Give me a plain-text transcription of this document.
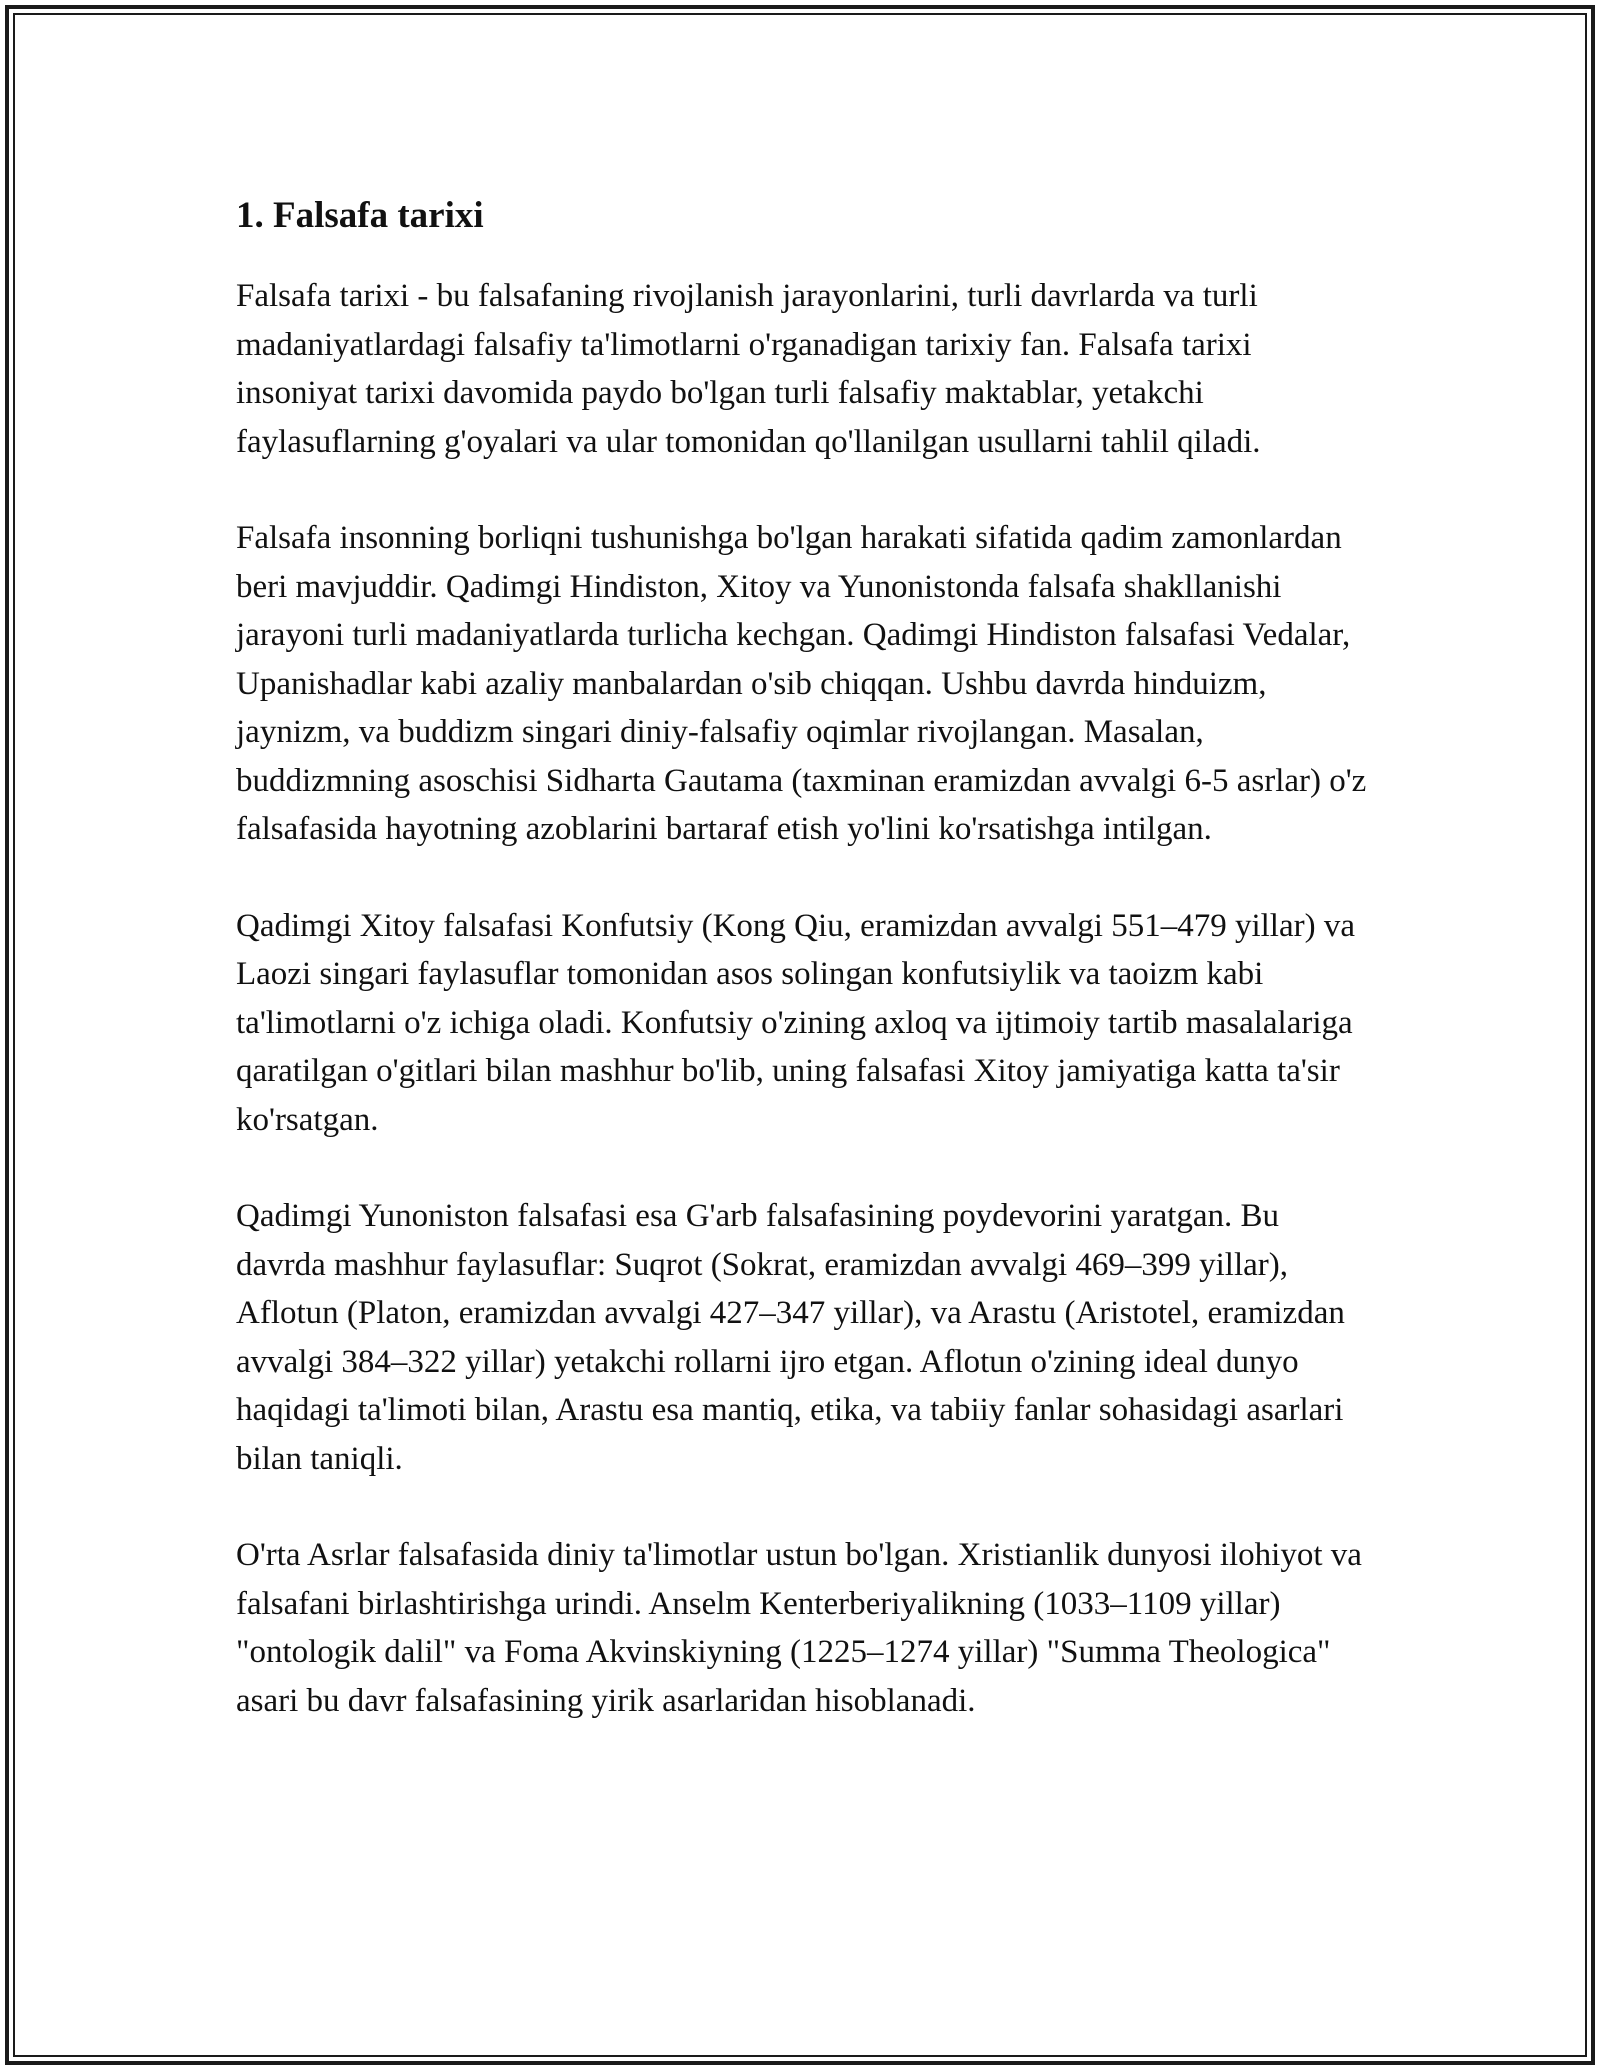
1. Falsafa tarixi

Falsafa tarixi - bu falsafaning rivojlanish jarayonlarini, turli davrlarda va turli madaniyatlardagi falsafiy ta'limotlarni o'rganadigan tarixiy fan. Falsafa tarixi insoniyat tarixi davomida paydo bo'lgan turli falsafiy maktablar, yetakchi faylasuflarning g'oyalari va ular tomonidan qo'llanilgan usullarni tahlil qiladi.

Falsafa insonning borliqni tushunishga bo'lgan harakati sifatida qadim zamonlardan beri mavjuddir. Qadimgi Hindiston, Xitoy va Yunonistonda falsafa shakllanishi jarayoni turli madaniyatlarda turlicha kechgan. Qadimgi Hindiston falsafasi Vedalar, Upanishadlar kabi azaliy manbalardan o'sib chiqqan. Ushbu davrda hinduizm, jaynizm, va buddizm singari diniy-falsafiy oqimlar rivojlangan. Masalan, buddizmning asoschisi Sidharta Gautama (taxminan eramizdan avvalgi 6-5 asrlar) o'z falsafasida hayotning azoblarini bartaraf etish yo'lini ko'rsatishga intilgan.

Qadimgi Xitoy falsafasi Konfutsiy (Kong Qiu, eramizdan avvalgi 551–479 yillar) va Laozi singari faylasuflar tomonidan asos solingan konfutsiylik va taoizm kabi ta'limotlarni o'z ichiga oladi. Konfutsiy o'zining axloq va ijtimoiy tartib masalalariga qaratilgan o'gitlari bilan mashhur bo'lib, uning falsafasi Xitoy jamiyatiga katta ta'sir ko'rsatgan.

Qadimgi Yunoniston falsafasi esa G'arb falsafasining poydevorini yaratgan. Bu davrda mashhur faylasuflar: Suqrot (Sokrat, eramizdan avvalgi 469–399 yillar), Aflotun (Platon, eramizdan avvalgi 427–347 yillar), va Arastu (Aristotel, eramizdan avvalgi 384–322 yillar) yetakchi rollarni ijro etgan. Aflotun o'zining ideal dunyo haqidagi ta'limoti bilan, Arastu esa mantiq, etika, va tabiiy fanlar sohasidagi asarlari bilan taniqli.

O'rta Asrlar falsafasida diniy ta'limotlar ustun bo'lgan. Xristianlik dunyosi ilohiyot va falsafani birlashtirishga urindi. Anselm Kenterberiyalikning (1033–1109 yillar) "ontologik dalil" va Foma Akvinskiyning (1225–1274 yillar) "Summa Theologica" asari bu davr falsafasining yirik asarlaridan hisoblanadi.
